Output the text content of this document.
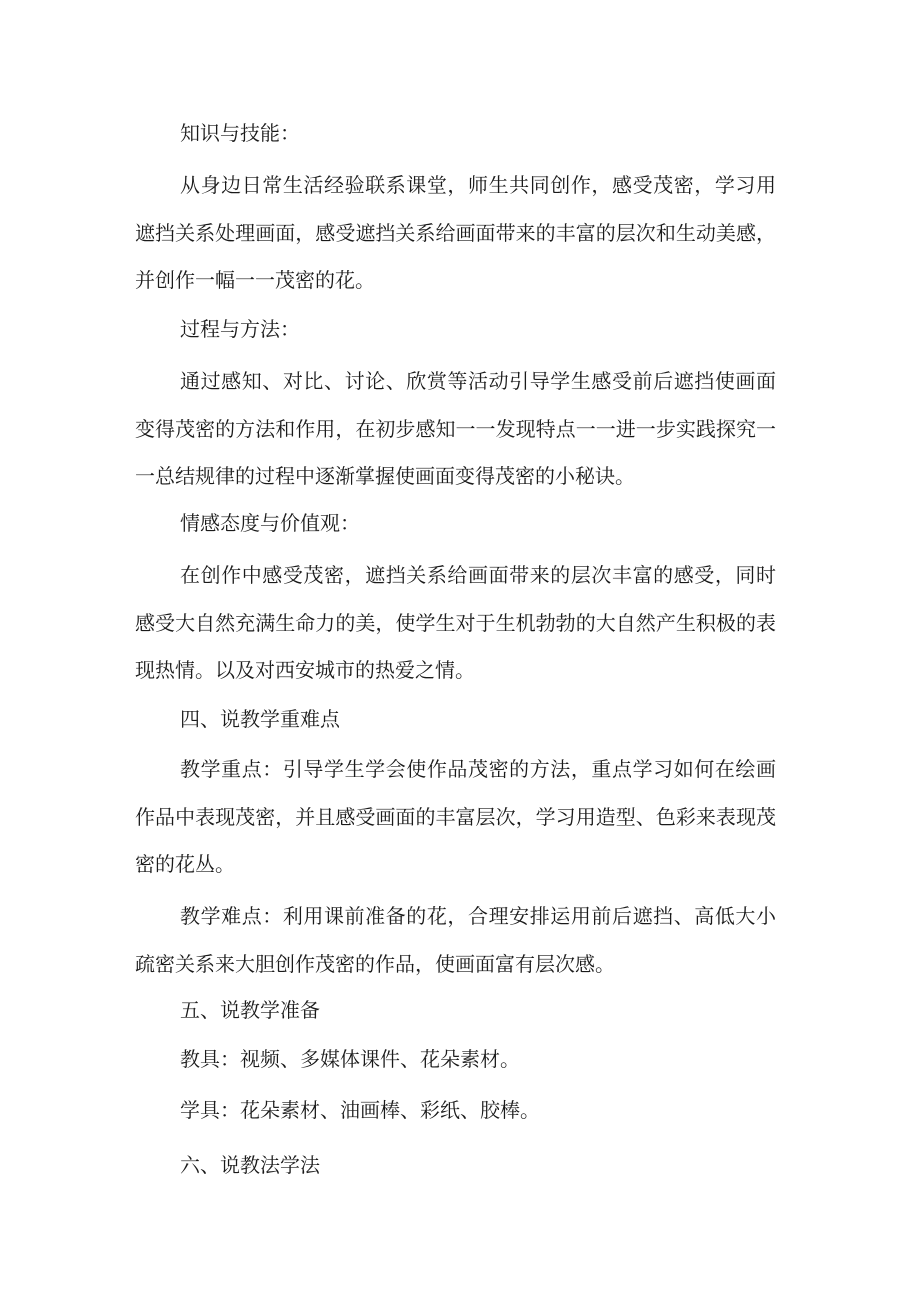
知识与技能：

从身边日常生活经验联系课堂，师生共同创作，感受茂密，学习用遮挡关系处理画面，感受遮挡关系给画面带来的丰富的层次和生动美感，并创作一幅一一茂密的花。

过程与方法：

通过感知、对比、讨论、欣赏等活动引导学生感受前后遮挡使画面变得茂密的方法和作用，在初步感知一一发现特点一一进一步实践探究一一总结规律的过程中逐渐掌握使画面变得茂密的小秘诀。

情感态度与价值观：

在创作中感受茂密，遮挡关系给画面带来的层次丰富的感受，同时感受大自然充满生命力的美，使学生对于生机勃勃的大自然产生积极的表现热情。以及对西安城市的热爱之情。

四、说教学重难点

教学重点：引导学生学会使作品茂密的方法，重点学习如何在绘画作品中表现茂密，并且感受画面的丰富层次，学习用造型、色彩来表现茂密的花丛。

教学难点：利用课前准备的花，合理安排运用前后遮挡、高低大小疏密关系来大胆创作茂密的作品，使画面富有层次感。

五、说教学准备

教具：视频、多媒体课件、花朵素材。

学具：花朵素材、油画棒、彩纸、胶棒。

六、说教法学法
